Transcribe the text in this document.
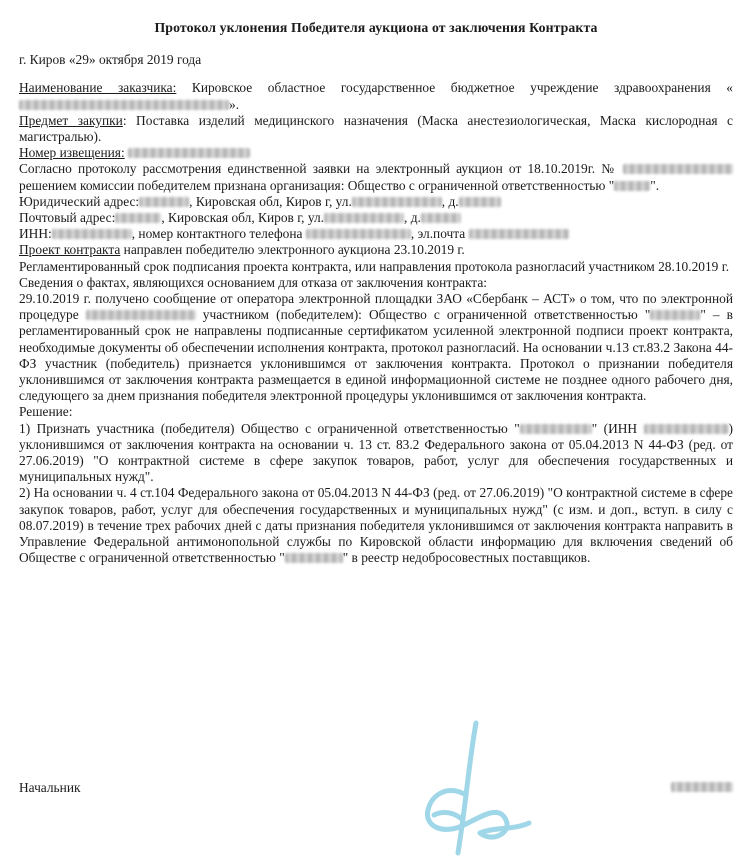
Протокол уклонения Победителя аукциона от заключения Контракта
г. Киров «29» октября 2019 года

Наименование заказчика: Кировское областное государственное бюджетное учреждение здравоохранения «».

Предмет закупки: Поставка изделий медицинского назначения (Маска анестезиологическая, Маска кислородная с магистралью).

Номер извещения:

Согласно протоколу рассмотрения единственной заявки на электронный аукцион от 18.10.2019г. №  решением комиссии победителем признана организация: Общество с ограниченной ответственностью "	".

Юридический адрес:	, Кировская обл, Киров г, ул.	, д.

Почтовый адрес:	, Кировская обл, Киров г, ул.	, д.

ИНН:	, номер контактного телефона	, эл.почта

Проект контракта направлен победителю электронного аукциона 23.10.2019 г.

Регламентированный срок подписания проекта контракта, или направления протокола разногласий участником 28.10.2019 г.

Сведения о фактах, являющихся основанием для отказа от заключения контракта:

29.10.2019 г. получено сообщение от оператора электронной площадки ЗАО «Сбербанк – АСТ» о том, что по электронной процедуре	участником (победителем): Общество с ограниченной ответственностью "	" – в регламентированный срок не направлены подписанные сертификатом усиленной электронной подписи проект контракта, необходимые документы об обеспечении исполнения контракта, протокол разногласий. На основании ч.13 ст.83.2 Закона 44-ФЗ участник (победитель) признается уклонившимся от заключения контракта. Протокол о признании победителя уклонившимся от заключения контракта размещается в единой информационной системе не позднее одного рабочего дня, следующего за днем признания победителя электронной процедуры уклонившимся от заключения контракта.

Решение:

1) Признать участника (победителя) Общество с ограниченной ответственностью "	" (ИНН	) уклонившимся от заключения контракта на основании ч. 13 ст. 83.2 Федерального закона от 05.04.2013 N 44-ФЗ (ред. от 27.06.2019) "О контрактной системе в сфере закупок товаров, работ, услуг для обеспечения государственных и муниципальных нужд".

2) На основании ч. 4 ст.104 Федерального закона от 05.04.2013 N 44-ФЗ (ред. от 27.06.2019) "О контрактной системе в сфере закупок товаров, работ, услуг для обеспечения государственных и муниципальных нужд" (с изм. и доп., вступ. в силу с 08.07.2019) в течение трех рабочих дней с даты признания победителя уклонившимся от заключения контракта направить в Управление Федеральной антимонопольной службы по Кировской области информацию для включения сведений об Обществе с ограниченной ответственностью "	" в реестр недобросовестных поставщиков.

Начальник
